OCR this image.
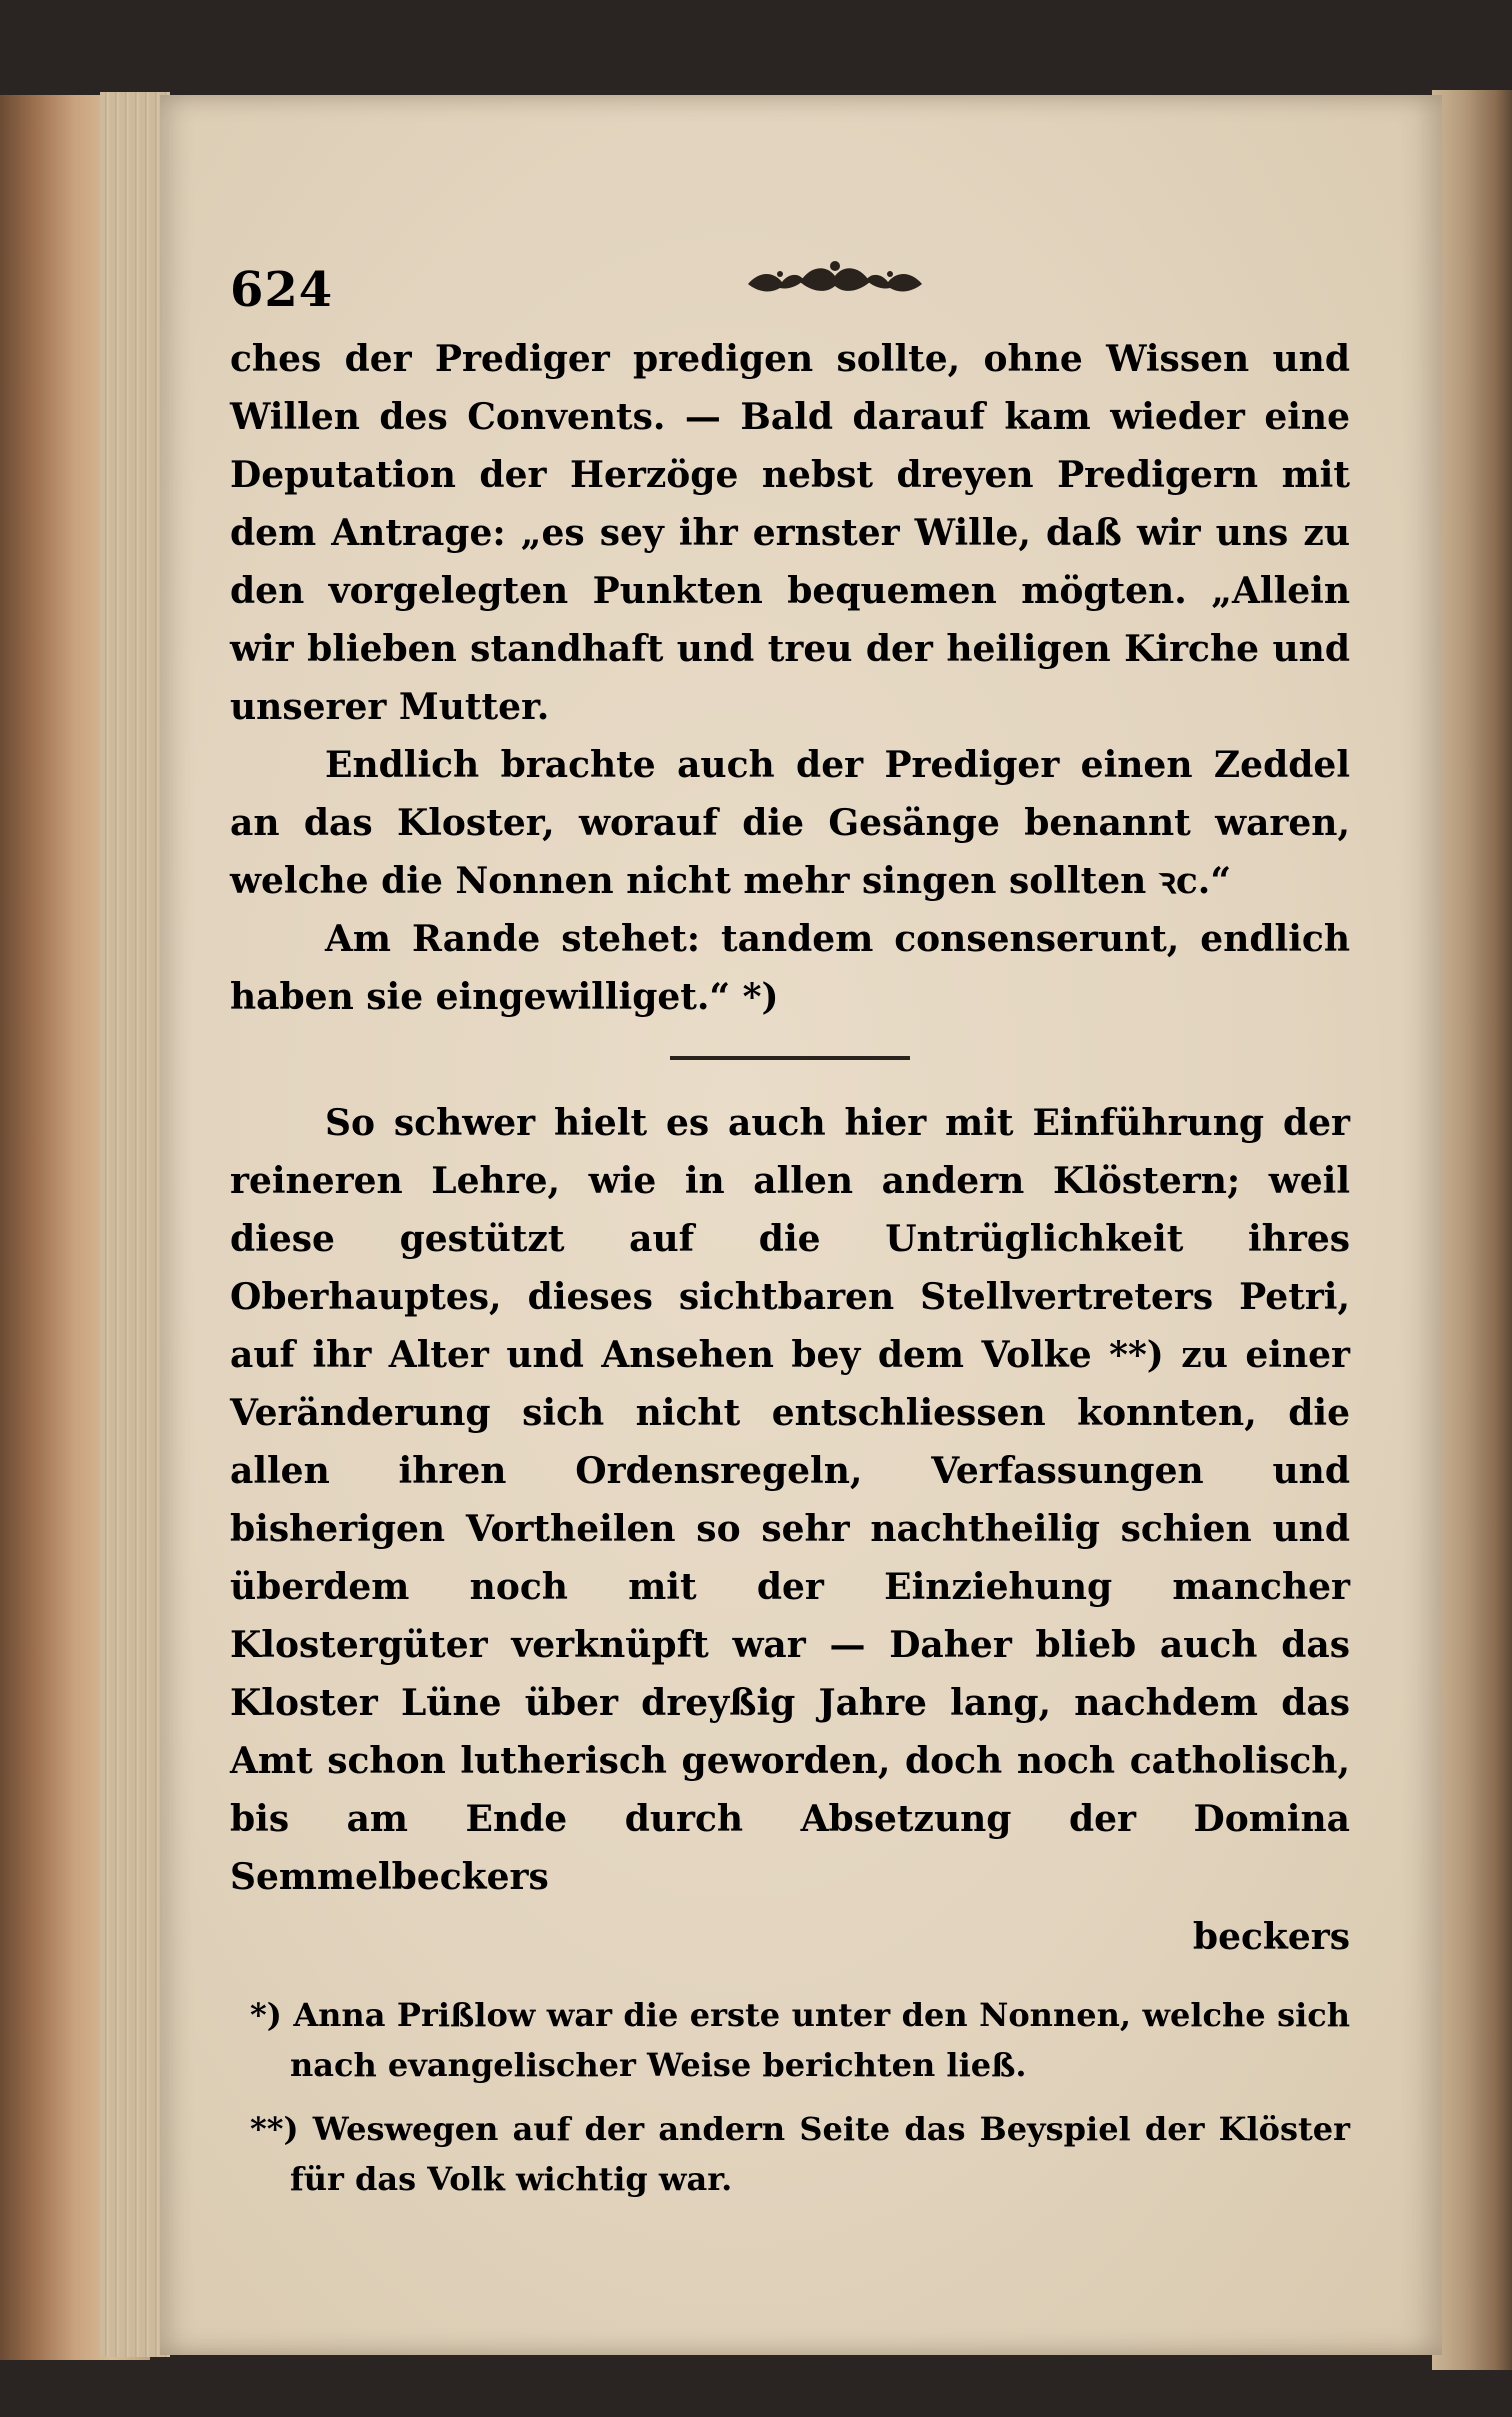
624

ches der Prediger predigen sollte, ohne Wissen und Willen des Convents. — Bald darauf kam wieder eine Deputation der Herzöge nebst dreyen Predigern mit dem Antrage: „es sey ihr ernster Wille, daß wir uns zu den vorgelegten Punkten bequemen mögten. „Allein wir blieben standhaft und treu der heiligen Kirche und unserer Mutter.

Endlich brachte auch der Prediger einen Zeddel an das Kloster, worauf die Gesänge benannt waren, welche die Nonnen nicht mehr singen sollten ꝛc.“

Am Rande stehet: tandem consenserunt, endlich haben sie eingewilliget.“ *)

So schwer hielt es auch hier mit Einführung der reineren Lehre, wie in allen andern Klöstern; weil diese gestützt auf die Untrüglichkeit ihres Oberhauptes, dieses sichtbaren Stellvertreters Petri, auf ihr Alter und Ansehen bey dem Volke **) zu einer Veränderung sich nicht entschliessen konnten, die allen ihren Ordensregeln, Verfassungen und bisherigen Vortheilen so sehr nachtheilig schien und überdem noch mit der Einziehung mancher Klostergüter verknüpft war — Daher blieb auch das Kloster Lüne über dreyßig Jahre lang, nachdem das Amt schon lutherisch geworden, doch noch catholisch, bis am Ende durch Absetzung der Domina Semmelbeckers

beckers

*) Anna Prißlow war die erste unter den Nonnen, welche sich nach evangelischer Weise berichten ließ.

**) Weswegen auf der andern Seite das Beyspiel der Klöster für das Volk wichtig war.
